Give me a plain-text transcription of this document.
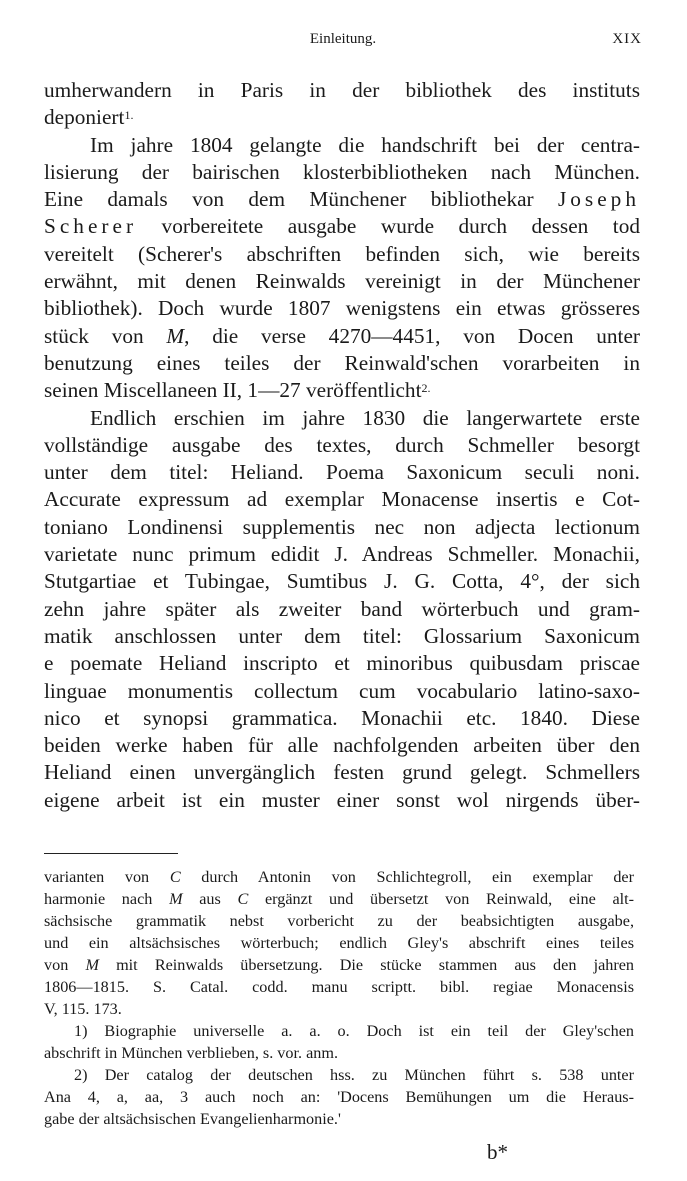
Einleitung.	XIX
umherwandern in Paris in der bibliothek des instituts
deponiert$^{1.}$
Im jahre 1804 gelangte die handschrift bei der centra-
lisierung der bairischen klosterbibliotheken nach München.
Eine damals von dem Münchener bibliothekar Joseph
Scherer vorbereitete ausgabe wurde durch dessen tod
vereitelt (Scherer's abschriften befinden sich, wie bereits
erwähnt, mit denen Reinwalds vereinigt in der Münchener
bibliothek). Doch wurde 1807 wenigstens ein etwas grösseres
stück von M, die verse 4270—4451, von Docen unter
benutzung eines teiles der Reinwald'schen vorarbeiten in
seinen Miscellaneen II, 1—27 veröffentlicht$^{2.}$
Endlich erschien im jahre 1830 die langerwartete erste
vollständige ausgabe des textes, durch Schmeller besorgt
unter dem titel: Heliand. Poema Saxonicum seculi noni.
Accurate expressum ad exemplar Monacense insertis e Cot-
toniano Londinensi supplementis nec non adjecta lectionum
varietate nunc primum edidit J. Andreas Schmeller. Monachii,
Stutgartiae et Tubingae, Sumtibus J. G. Cotta, 4°, der sich
zehn jahre später als zweiter band wörterbuch und gram-
matik anschlossen unter dem titel: Glossarium Saxonicum
e poemate Heliand inscripto et minoribus quibusdam priscae
linguae monumentis collectum cum vocabulario latino-saxo-
nico et synopsi grammatica. Monachii etc. 1840. Diese
beiden werke haben für alle nachfolgenden arbeiten über den
Heliand einen unvergänglich festen grund gelegt. Schmellers
eigene arbeit ist ein muster einer sonst wol nirgends über-
varianten von C durch Antonin von Schlichtegroll, ein exemplar der
harmonie nach M aus C ergänzt und übersetzt von Reinwald, eine alt-
sächsische grammatik nebst vorbericht zu der beabsichtigten ausgabe,
und ein altsächsisches wörterbuch; endlich Gley's abschrift eines teiles
von M mit Reinwalds übersetzung. Die stücke stammen aus den jahren
1806—1815. S. Catal. codd. manu scriptt. bibl. regiae Monacensis
V, 115. 173.
1) Biographie universelle a. a. o. Doch ist ein teil der Gley'schen
abschrift in München verblieben, s. vor. anm.
2) Der catalog der deutschen hss. zu München führt s. 538 unter
Ana 4, a, aa, 3 auch noch an: 'Docens Bemühungen um die Heraus-
gabe der altsächsischen Evangelienharmonie.'
b*
